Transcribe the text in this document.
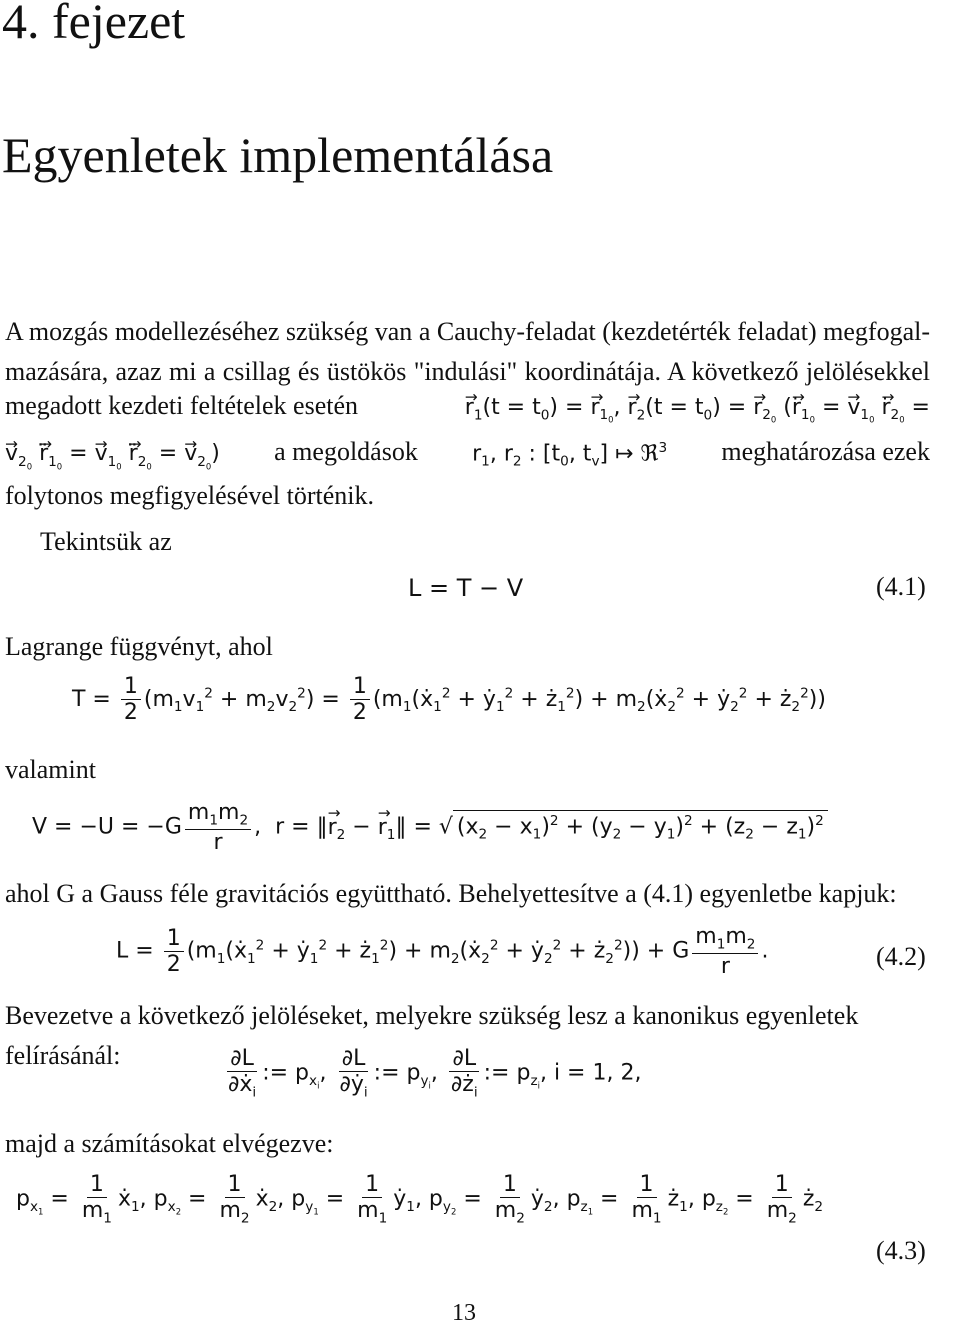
4. fejezet
Egyenletek implementálása
A mozgás modellezéséhez szükség van a Cauchy-feladat (kezdetérték feladat) megfogal-
mazására, azaz mi a csillag és üstökös "indulási" koordinátája. A következő jelölésekkel
megadott kezdeti feltételek esetén
→	$r_1(t = t_0)$ = → $r_{1_0}$, → $r_2(t = t_0)$ = → $r_{2_0}$ (→ $r_{1_0}$ = → $v_{1_0} \to r_{2_0}$ =
→ $v_{2_0} \to r_{1_0}$ = → $v_{1_0} \to r_{2_0}$ = → $v_{2_0}$) a megoldások $r_1$, $r_2$ : [$t_0$, $t_v$] ↦ ℜ$^3$ meghatározása ezek
folytonos megfigyelésével történik.
Tekintsük az
L = T − V	(4.1)
Lagrange függvényt, ahol
$T = \frac{1}{2} (m_1v_1^2 + m_2v_2^2) = \frac{1}{2}$ ($m_1(ẋ_1^2$ + ẏ$_1^2$ + $ż_1^2$) + $m_2(ẋ_2^2$ + ẏ$_2^2$ + $ż_2^2$))
valamint
$V = -U = -G \frac{m_1m_2}{r}$ ,  r = ‖→ $r_2$ − → $r_1‖$ = √ $(x_2 - x_1)^2 + (y_2 - y_1)^2 + (z_2 - z_1)^2$
ahol G a Gauss féle gravitációs együttható. Behelyettesítve a (4.1) egyenletbe kapjuk:
$L = \frac{1}{2}$ ($m_1(ẋ_1^2$ + ẏ$_1^2$ + $ż_1^2$) + $m_2(ẋ_2^2$ + ẏ$_2^2$ + $ż_2^2)) + G \frac{m_1m_2}{r}$ .	(4.2)
Bevezetve a következő jelöléseket, melyekre szükség lesz a kanonikus egyenletek felírásánál:	$\frac{\partial L}{\partial ẋ_i}$ := $p_{x_i}$, $\frac{\partial L}{\partial ẏ_i}$ := $p_{y_i}$, $\frac{\partial L}{\partial ż_i}$ := $p_{z_i}$, i = 1, 2,
majd a számításokat elvégezve:
$p_{x_1} = \frac{1}{m_1}$ ẋ$_1$, $p_{x_2} = \frac{1}{m_2}$ ẋ$_2$, $p_{y_1} = \frac{1}{m_1}$ ẏ$_1$, $p_{y_2} = \frac{1}{m_2}$ ẏ$_2$, $p_{z_1} = \frac{1}{m_1}$ $ż_1$, $p_{z_2} = \frac{1}{m_2}$ $ż_2$
(4.3)
13
